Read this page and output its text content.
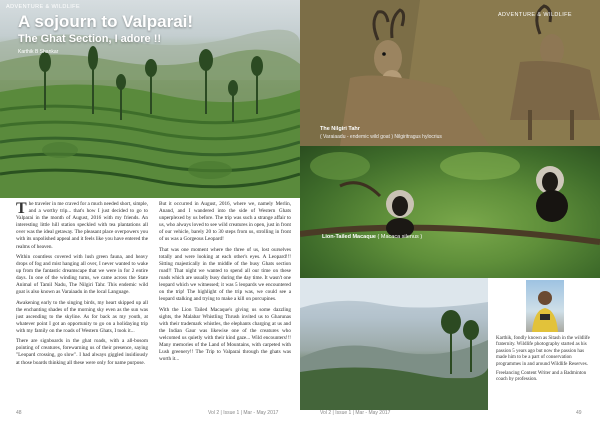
ADVENTURE & WILDLIFE
A sojourn to Valparai!
The Ghat Section, I adore !!
Karthik B Shankar

The traveler in me craved for a much needed short, simple, and a worthy trip... that's how I just decided to go to Valparai in the month of August, 2016 with my friends. An interesting little hill station speckled with tea plantations all over was the ideal getaway. The pleasant place overpowers you with its unpolished appeal and it feels like you have entered the realms of heaven.

Within countless covered with lush green fauna, and heavy drops of fog and mist hanging all over, I never wanted to wake up from the fantastic dreamscape that we were in for 2 entire days. In one of the winding turns, we came across the State Animal of Tamil Nadu, The Nilgiri Tahr. This endemic wild goat is also known as Varaiaadu in the local Language.

Awakening early to the singing birds, my heart skipped up all the enchanting shades of the morning sky even as the sun was just ascending to the skyline. As for back as my youth, at whatever point I got an opportunity to go on a holidaying trip with my family on the roads of Western Ghats, I took it...

There are signboards in the ghat roads, with a all-bosom pointing of creatures, forewarning us of their presence, saying "Leopard crossing, go slow". I had always giggled insidiously at those boards thinking all these were only for name purpose.

But it occurred in August, 2016, where we, namely Merlin, Anand, and I wandered into the side of Western Ghats unperplexed by us before. The trip was such a strange affair to us, who always loved to see wild creatures in open, just in front of our vehicle, barely 20 to 30 steps from us, strolling in front of us was a Gorgeous Leopard!

That was one moment where the three of us, lost ourselves totally and were looking at each other's eyes. A Leopard!!! Sitting majestically in the middle of the busy Ghats section road!! That night we wanted to spend all our time on these roads which are usually busy during the day time. It wasn't one leopard which we witnessed; it was 5 leopards we encountered on the trip! The highlight of the trip was, we could see a leopard stalking and trying to make a kill on porcupines.

With the Lion Tailed Macaque's giving us some dazzling sights, the Malabar Whistling Thrush invited us to Gharunas with their trademark whistles, the elephants charging at us and the Indian Gaur was likewise one of the creatures who welcomed us quietly with their kind gaze... Wild encounters!!! Many memories of the Land of Mountains, with carpeted with Lush greenery!! The Trip to Valparai through the ghats was worth it...

48	Vol 2 | Issue 1 | Mar - May 2017
ADVENTURE & WILDLIFE
The Nilgiri Tahr
( Varaiaadu - endemic wild goat ) Nilgiritragus hylocrius
Lion-Tailed Macaque ( Macaca silenus )

Karthik, fondly known as Sitash in the wildlife fraternity. Wildlife photography started as his passion 5 years ago but now the passion has made him to be a part of conservation programmes in and around Wildlife Reserves.

Freelancing Content Writer and a Badminton coach by profession.

Vol 2 | Issue 1 | Mar - May 2017	49
